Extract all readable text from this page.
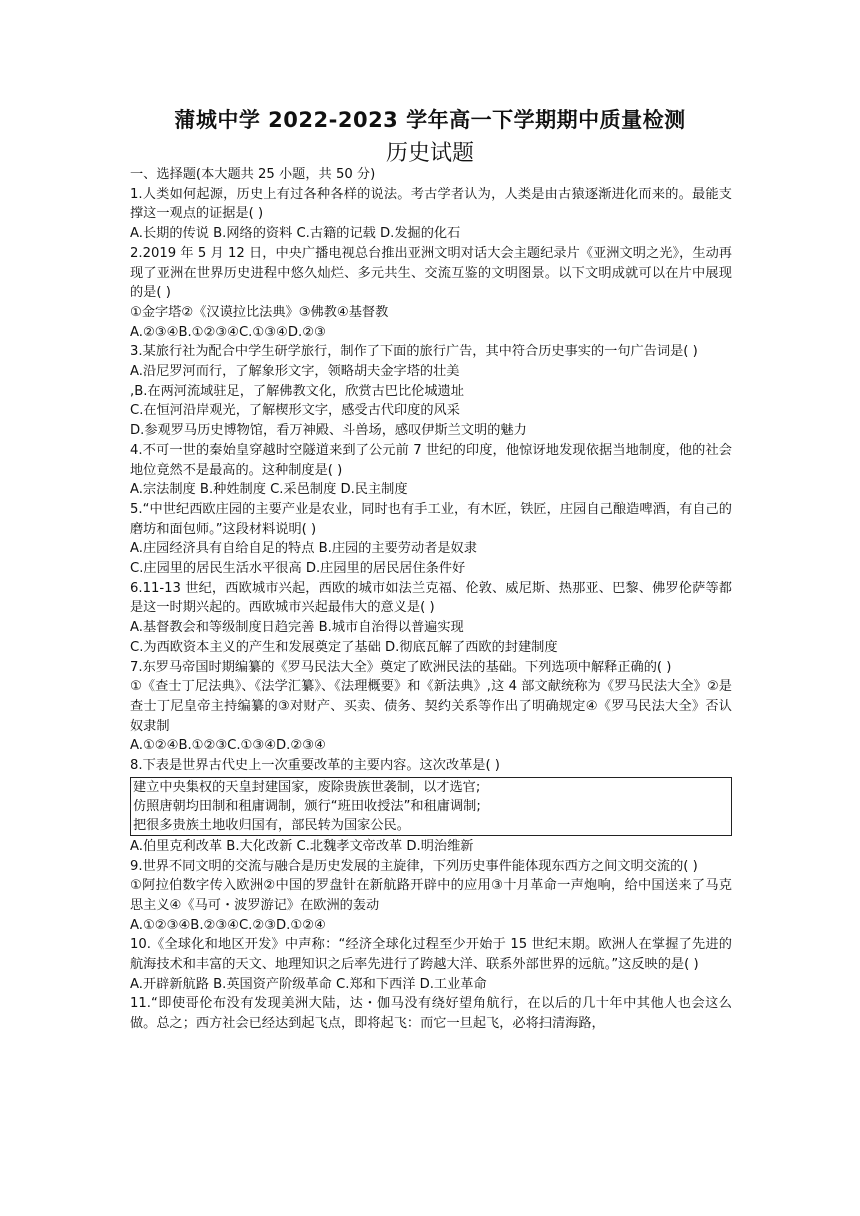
蒲城中学 2022-2023 学年高一下学期期中质量检测
历史试题

一、选择题(本大题共 25 小题，共 50 分)

1.人类如何起源，历史上有过各种各样的说法。考古学者认为，人类是由古猿逐渐进化而来的。最能支撑这一观点的证据是( )

A.长期的传说 B.网络的资料 C.古籍的记载 D.发掘的化石

2.2019 年 5 月 12 日，中央广播电视总台推出亚洲文明对话大会主题纪录片《亚洲文明之光》，生动再现了亚洲在世界历史进程中悠久灿烂、多元共生、交流互鉴的文明图景。以下文明成就可以在片中展现的是( )

①金字塔②《汉谟拉比法典》③佛教④基督教

A.②③④B.①②③④C.①③④D.②③

3.某旅行社为配合中学生研学旅行，制作了下面的旅行广告，其中符合历史事实的一句广告词是( )

A.沿尼罗河而行，了解象形文字，领略胡夫金字塔的壮美

,B.在两河流域驻足，了解佛教文化，欣赏古巴比伦城遗址

C.在恒河沿岸观光，了解楔形文字，感受古代印度的风采

D.参观罗马历史博物馆，看万神殿、斗兽场，感叹伊斯兰文明的魅力

4.不可一世的秦始皇穿越时空隧道来到了公元前 7 世纪的印度，他惊讶地发现依据当地制度，他的社会地位竟然不是最高的。这种制度是( )

A.宗法制度 B.种姓制度 C.采邑制度 D.民主制度

5.“中世纪西欧庄园的主要产业是农业，同时也有手工业，有木匠，铁匠，庄园自己酿造啤酒，有自己的磨坊和面包师。”这段材料说明( )

A.庄园经济具有自给自足的特点 B.庄园的主要劳动者是奴隶

C.庄园里的居民生活水平很高 D.庄园里的居民居住条件好

6.11-13 世纪，西欧城市兴起，西欧的城市如法兰克福、伦敦、威尼斯、热那亚、巴黎、佛罗伦萨等都是这一时期兴起的。西欧城市兴起最伟大的意义是( )

A.基督教会和等级制度日趋完善 B.城市自治得以普遍实现

C.为西欧资本主义的产生和发展奠定了基础 D.彻底瓦解了西欧的封建制度

7.东罗马帝国时期编纂的《罗马民法大全》奠定了欧洲民法的基础。下列选项中解释正确的( )

①《查士丁尼法典》、《法学汇纂》、《法理概要》和《新法典》,这 4 部文献统称为《罗马民法大全》②是查士丁尼皇帝主持编纂的③对财产、买卖、债务、契约关系等作出了明确规定④《罗马民法大全》否认奴隶制

A.①②④B.①②③C.①③④D.②③④

8.下表是世界古代史上一次重要改革的主要内容。这次改革是( )

建立中央集权的天皇封建国家，废除贵族世袭制，以才选官;
仿照唐朝均田制和租庸调制，颁行“班田收授法”和租庸调制;
把很多贵族土地收归国有，部民转为国家公民。

A.伯里克利改革 B.大化改新 C.北魏孝文帝改革 D.明治维新

9.世界不同文明的交流与融合是历史发展的主旋律，下列历史事件能体现东西方之间文明交流的( )

①阿拉伯数字传入欧洲②中国的罗盘针在新航路开辟中的应用③十月革命一声炮响，给中国送来了马克思主义④《马可・波罗游记》在欧洲的轰动

A.①②③④B.②③④C.②③D.①②④

10.《全球化和地区开发》中声称：“经济全球化过程至少开始于 15 世纪末期。欧洲人在掌握了先进的航海技术和丰富的天文、地理知识之后率先进行了跨越大洋、联系外部世界的远航。”这反映的是( )

A.开辟新航路 B.英国资产阶级革命 C.郑和下西洋 D.工业革命

11.“即使哥伦布没有发现美洲大陆，达・伽马没有绕好望角航行，在以后的几十年中其他人也会这么做。总之；西方社会已经达到起飞点，即将起飞：而它一旦起飞，必将扫清海路，
